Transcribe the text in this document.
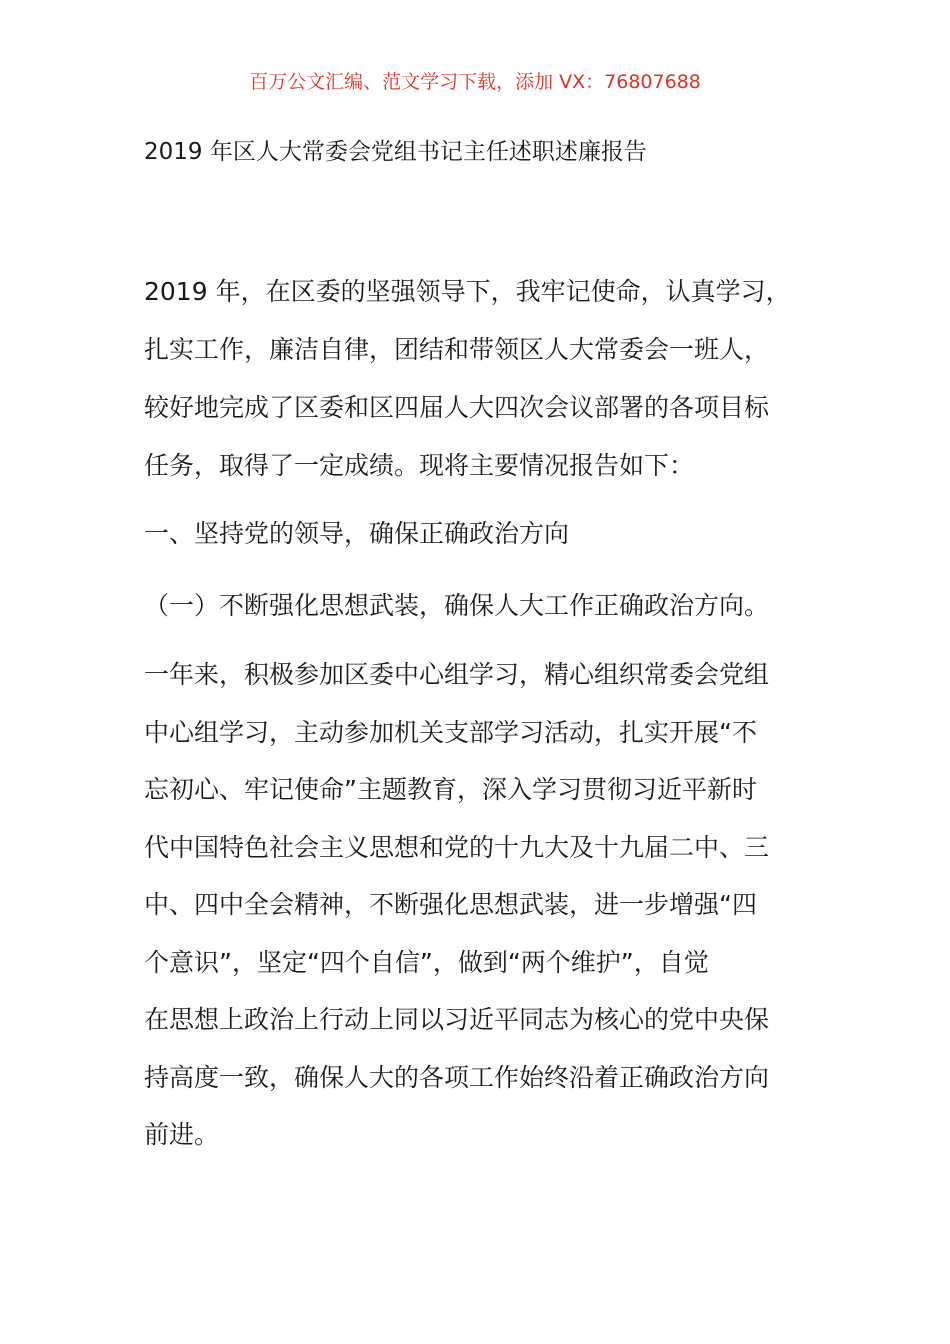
百万公文汇编、范文学习下载，添加 VX：76807688
2019 年区人大常委会党组书记主任述职述廉报告
2019 年，在区委的坚强领导下，我牢记使命，认真学习，
扎实工作，廉洁自律，团结和带领区人大常委会一班人，
较好地完成了区委和区四届人大四次会议部署的各项目标
任务，取得了一定成绩。现将主要情况报告如下：
一、坚持党的领导，确保正确政治方向
（一）不断强化思想武装，确保人大工作正确政治方向。
一年来，积极参加区委中心组学习，精心组织常委会党组
中心组学习，主动参加机关支部学习活动，扎实开展“不
忘初心、牢记使命”主题教育，深入学习贯彻习近平新时
代中国特色社会主义思想和党的十九大及十九届二中、三
中、四中全会精神，不断强化思想武装，进一步增强“四
个意识”，坚定“四个自信”，做到“两个维护”，自觉
在思想上政治上行动上同以习近平同志为核心的党中央保
持高度一致，确保人大的各项工作始终沿着正确政治方向
前进。
